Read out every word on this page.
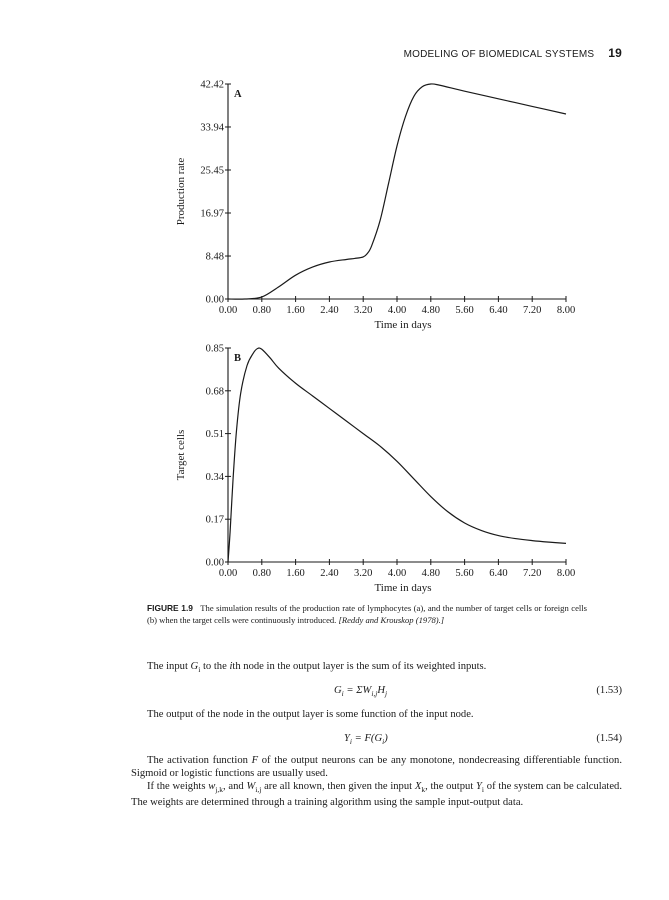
MODELING OF BIOMEDICAL SYSTEMS 19
0.00
8.48
16.97
25.45
33.94
42.42
0.00 0.80 1.60 2.40 3.20 4.00 4.80 5.60 6.40 7.20 8.00
Time in days
Production rate
A
0.00
0.17
0.34
0.51
0.68
0.85
0.00 0.80 1.60 2.40 3.20 4.00 4.80 5.60 6.40 7.20 8.00
Time in days
Target cells
B
FIGURE 1.9 The simulation results of the production rate of lymphocytes (a), and the number of target cells or foreign cells (b) when the target cells were continuously introduced. [Reddy and Krouskop (1978).]
The input $G_i$ to the ith node in the output layer is the sum of its weighted inputs.
$G_i = \Sigma W_{i,j}H_j$	(1.53)
The output of the node in the output layer is some function of the input node.
$Y_i = F(G_i)$	(1.54)
The activation function F of the output neurons can be any monotone, nondecreasing differentiable function. Sigmoid or logistic functions are usually used.
If the weights $w_{j,k}$, and $W_{i,j}$ are all known, then given the input $X_k$, the output $Y_i$ of the system can be calculated. The weights are determined through a training algorithm using the sample input-output data.
